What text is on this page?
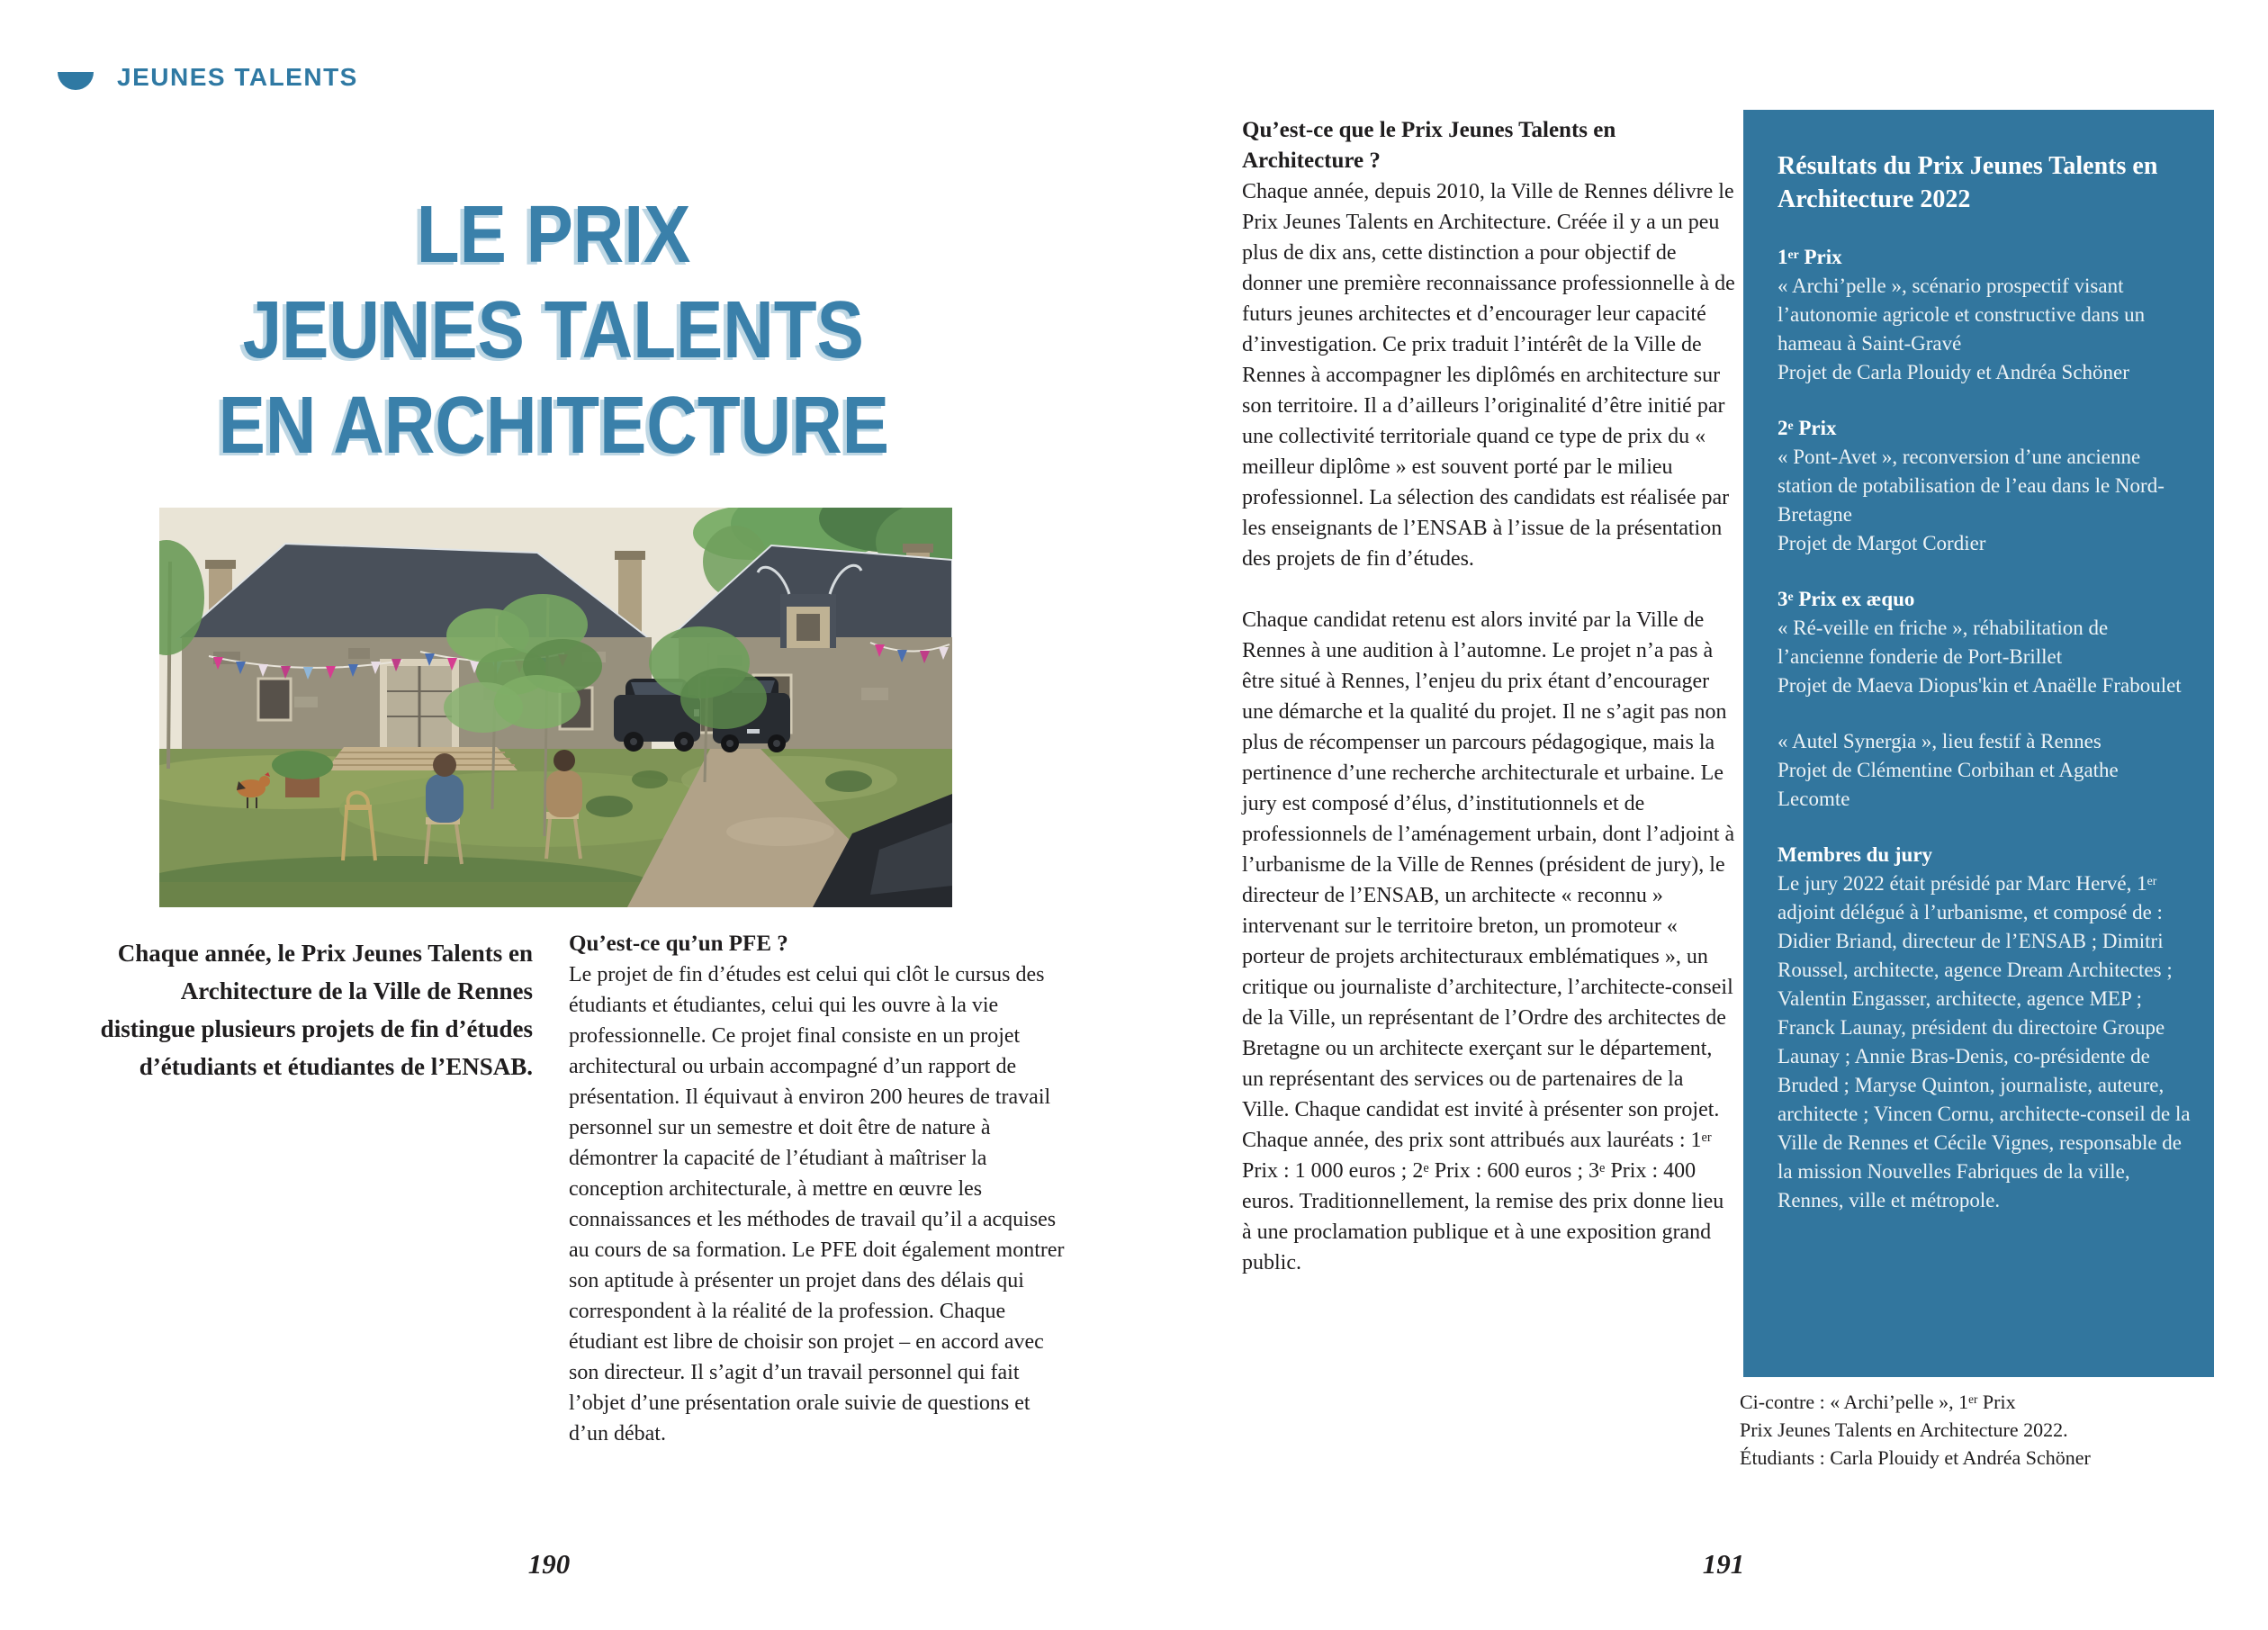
JEUNES TALENTS
LE PRIX
JEUNES TALENTS
EN ARCHITECTURE
Chaque année, le Prix Jeunes Talents en Architecture de la Ville de Rennes distingue plusieurs projets de fin d’études d’étudiants et étudiantes de l’ENSAB.
Qu’est-ce qu’un PFE ?

Le projet de fin d’études est celui qui clôt le cursus des étudiants et étudiantes, celui qui les ouvre à la vie professionnelle. Ce projet final consiste en un projet architectural ou urbain accompagné d’un rapport de présentation. Il équivaut à environ 200 heures de travail personnel sur un semestre et doit être de nature à démontrer la capacité de l’étudiant à maîtriser la conception architecturale, à mettre en œuvre les connaissances et les méthodes de travail qu’il a acquises au cours de sa formation. Le PFE doit également montrer son aptitude à présenter un projet dans des délais qui correspondent à la réalité de la profession. Chaque étudiant est libre de choisir son projet – en accord avec son directeur. Il s’agit d’un travail personnel qui fait l’objet d’une présentation orale suivie de questions et d’un débat.

Qu’est-ce que le Prix Jeunes Talents en Architecture ?

Chaque année, depuis 2010, la Ville de Rennes délivre le Prix Jeunes Talents en Architecture. Créée il y a un peu plus de dix ans, cette distinction a pour objectif de donner une première reconnaissance professionnelle à de futurs jeunes architectes et d’encourager leur capacité d’investigation. Ce prix traduit l’intérêt de la Ville de Rennes à accompagner les diplômés en architecture sur son territoire. Il a d’ailleurs l’originalité d’être initié par une collectivité territoriale quand ce type de prix du « meilleur diplôme » est souvent porté par le milieu professionnel. La sélection des candidats est réalisée par les enseignants de l’ENSAB à l’issue de la présentation des projets de fin d’études.

Chaque candidat retenu est alors invité par la Ville de Rennes à une audition à l’automne. Le projet n’a pas à être situé à Rennes, l’enjeu du prix étant d’encourager une démarche et la qualité du projet. Il ne s’agit pas non plus de récompenser un parcours pédagogique, mais la pertinence d’une recherche architecturale et urbaine. Le jury est composé d’élus, d’institutionnels et de professionnels de l’aménagement urbain, dont l’adjoint à l’urbanisme de la Ville de Rennes (président de jury), le directeur de l’ENSAB, un architecte « reconnu » intervenant sur le territoire breton, un promoteur « porteur de projets architecturaux emblématiques », un critique ou journaliste d’architecture, l’architecte-conseil de la Ville, un représentant de l’Ordre des architectes de Bretagne ou un architecte exerçant sur le département, un représentant des services ou de partenaires de la Ville. Chaque candidat est invité à présenter son projet. Chaque année, des prix sont attribués aux lauréats : 1er Prix : 1 000 euros ; 2e Prix : 600 euros ; 3e Prix : 400 euros. Traditionnellement, la remise des prix donne lieu à une proclamation publique et à une exposition grand public.

Résultats du Prix Jeunes Talents en Architecture 2022
1er Prix
« Archi’pelle », scénario prospectif visant l’autonomie agricole et constructive dans un hameau à Saint-Gravé
Projet de Carla Plouidy et Andréa Schöner
2e Prix
« Pont-Avet », reconversion d’une ancienne station de potabilisation de l’eau dans le Nord-Bretagne
Projet de Margot Cordier
3e Prix ex æquo
« Ré-veille en friche », réhabilitation de l’ancienne fonderie de Port-Brillet
Projet de Maeva Diopus'kin et Anaëlle Fraboulet
« Autel Synergia », lieu festif à Rennes
Projet de Clémentine Corbihan et Agathe Lecomte
Membres du jury
Le jury 2022 était présidé par Marc Hervé, 1er adjoint délégué à l’urbanisme, et composé de : Didier Briand, directeur de l’ENSAB ; Dimitri Roussel, architecte, agence Dream Architectes ; Valentin Engasser, architecte, agence MEP ; Franck Launay, président du directoire Groupe Launay ; Annie Bras-Denis, co-présidente de Bruded ; Maryse Quinton, journaliste, auteure, architecte ; Vincen Cornu, architecte-conseil de la Ville de Rennes et Cécile Vignes, responsable de la mission Nouvelles Fabriques de la ville, Rennes, ville et métropole.
Ci-contre : « Archi’pelle », 1er Prix
Prix Jeunes Talents en Architecture 2022.
Étudiants : Carla Plouidy et Andréa Schöner
190	191
